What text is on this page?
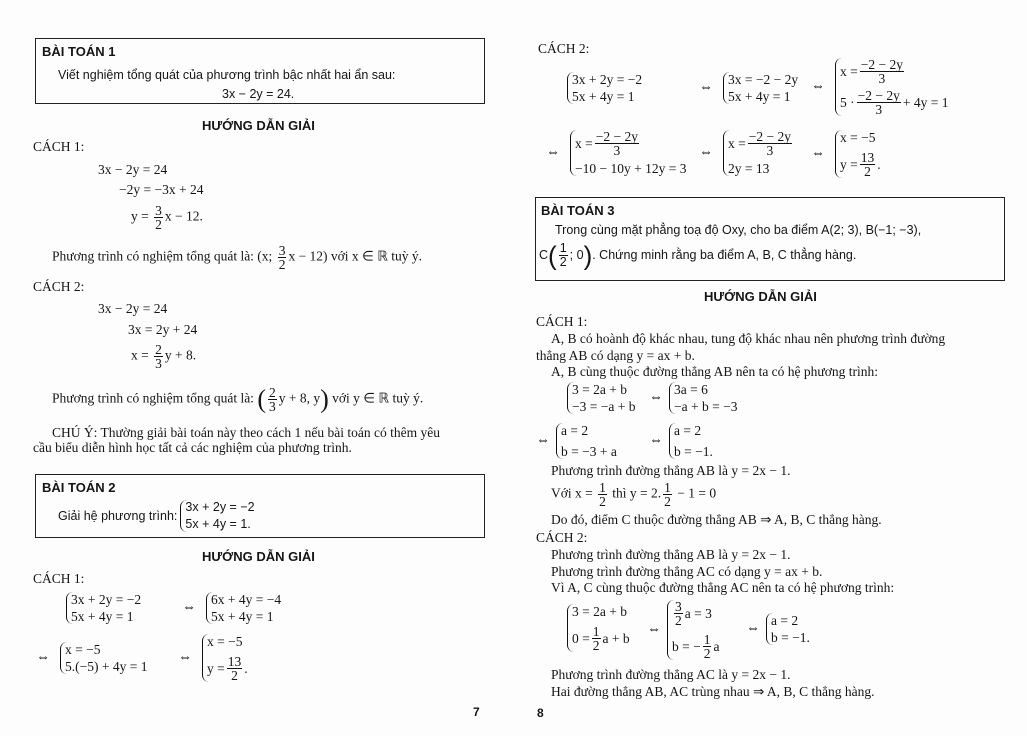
BÀI TOÁN 1
Viết nghiệm tổng quát của phương trình bậc nhất hai ẩn sau:
3x − 2y = 24.
HƯỚNG DẪN GIẢI
CÁCH 1:
3x − 2y = 24
−2y = −3x + 24
$y = \frac{3}{2}$ x − 12.
Phương trình có nghiệm tổng quát là: (x; $\frac{3}{2}$ x − 12) với x ∈ ℝ tuỳ ý.
CÁCH 2:
3x − 2y = 24
3x = 2y + 24
$x = \frac{2}{3}$ y + 8.
Phương trình có nghiệm tổng quát là: ( $\frac{2}{3}$ y + 8, y) với y ∈ ℝ tuỳ ý.
CHÚ Ý: Thường giải bài toán này theo cách 1 nếu bài toán có thêm yêu
cầu biểu diễn hình học tất cả các nghiệm của phương trình.
BÀI TOÁN 2
Giải hệ phương trình:
3x + 2y = −2
5x + 4y = 1.
HƯỚNG DẪN GIẢI
CÁCH 1:
3x + 2y = −2
5x + 4y = 1
⇔
6x + 4y = −4
5x + 4y = 1
⇔
x = −5
5.(−5) + 4y = 1
⇔
x = −5
$y = \frac{13}{2}$ .
7
CÁCH 2:
3x + 2y = −2
5x + 4y = 1
⇔
3x = −2 − 2y
5x + 4y = 1
⇔
$x = \frac{-2 - 2y}{3}$
$5 \cdot \frac{-2 - 2y}{3} + 4y = 1$
⇔
$x = \frac{-2 - 2y}{3}$
−10 − 10y + 12y = 3
⇔
$x = \frac{-2 - 2y}{3}$
2y = 13
⇔
x = −5
$y = \frac{13}{2}$ .
BÀI TOÁN 3
Trong cùng mặt phẳng toạ độ Oxy, cho ba điểm A(2; 3), B(−1; −3),
$C( \frac{1}{2}$ ; 0). Chứng minh rằng ba điểm A, B, C thẳng hàng.
HƯỚNG DẪN GIẢI
CÁCH 1:
A, B có hoành độ khác nhau, tung độ khác nhau nên phương trình đường
thẳng AB có dạng y = ax + b.
A, B cùng thuộc đường thẳng AB nên ta có hệ phương trình:
3 = 2a + b
−3 = −a + b
⇔
3a = 6
−a + b = −3
⇔
a = 2
b = −3 + a
⇔
a = 2
b = −1.
Phương trình đường thẳng AB là y = 2x − 1.
Với $x = \frac{1}{2}$ thì y = 2. $\frac{1}{2} - 1 = 0$
Do đó, điểm C thuộc đường thẳng AB ⇒ A, B, C thẳng hàng.
CÁCH 2:
Phương trình đường thẳng AB là y = 2x − 1.
Phương trình đường thẳng AC có dạng y = ax + b.
Vì A, C cùng thuộc đường thẳng AC nên ta có hệ phương trình:
3 = 2a + b
$0 = \frac{1}{2}$ a + b
⇔
$\frac{3}{2}$ a = 3
b = − $\frac{1}{2}$ a
⇔
a = 2
b = −1.
Phương trình đường thẳng AC là y = 2x − 1.
Hai đường thẳng AB, AC trùng nhau ⇒ A, B, C thẳng hàng.
8
